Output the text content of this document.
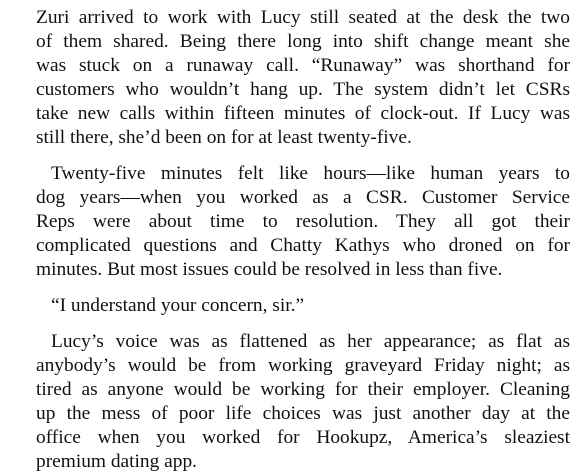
Zuri arrived to work with Lucy still seated at the desk the two
of them shared. Being there long into shift change meant she
was stuck on a runaway call. “Runaway” was shorthand for
customers who wouldn’t hang up. The system didn’t let CSRs
take new calls within fifteen minutes of clock-out. If Lucy was
still there, she’d been on for at least twenty-five.
Twenty-five minutes felt like hours—like human years to
dog years—when you worked as a CSR. Customer Service
Reps were about time to resolution. They all got their
complicated questions and Chatty Kathys who droned on for
minutes. But most issues could be resolved in less than five.
“I understand your concern, sir.”
Lucy’s voice was as flattened as her appearance; as flat as
anybody’s would be from working graveyard Friday night; as
tired as anyone would be working for their employer. Cleaning
up the mess of poor life choices was just another day at the
office when you worked for Hookupz, America’s sleaziest
premium dating app.
